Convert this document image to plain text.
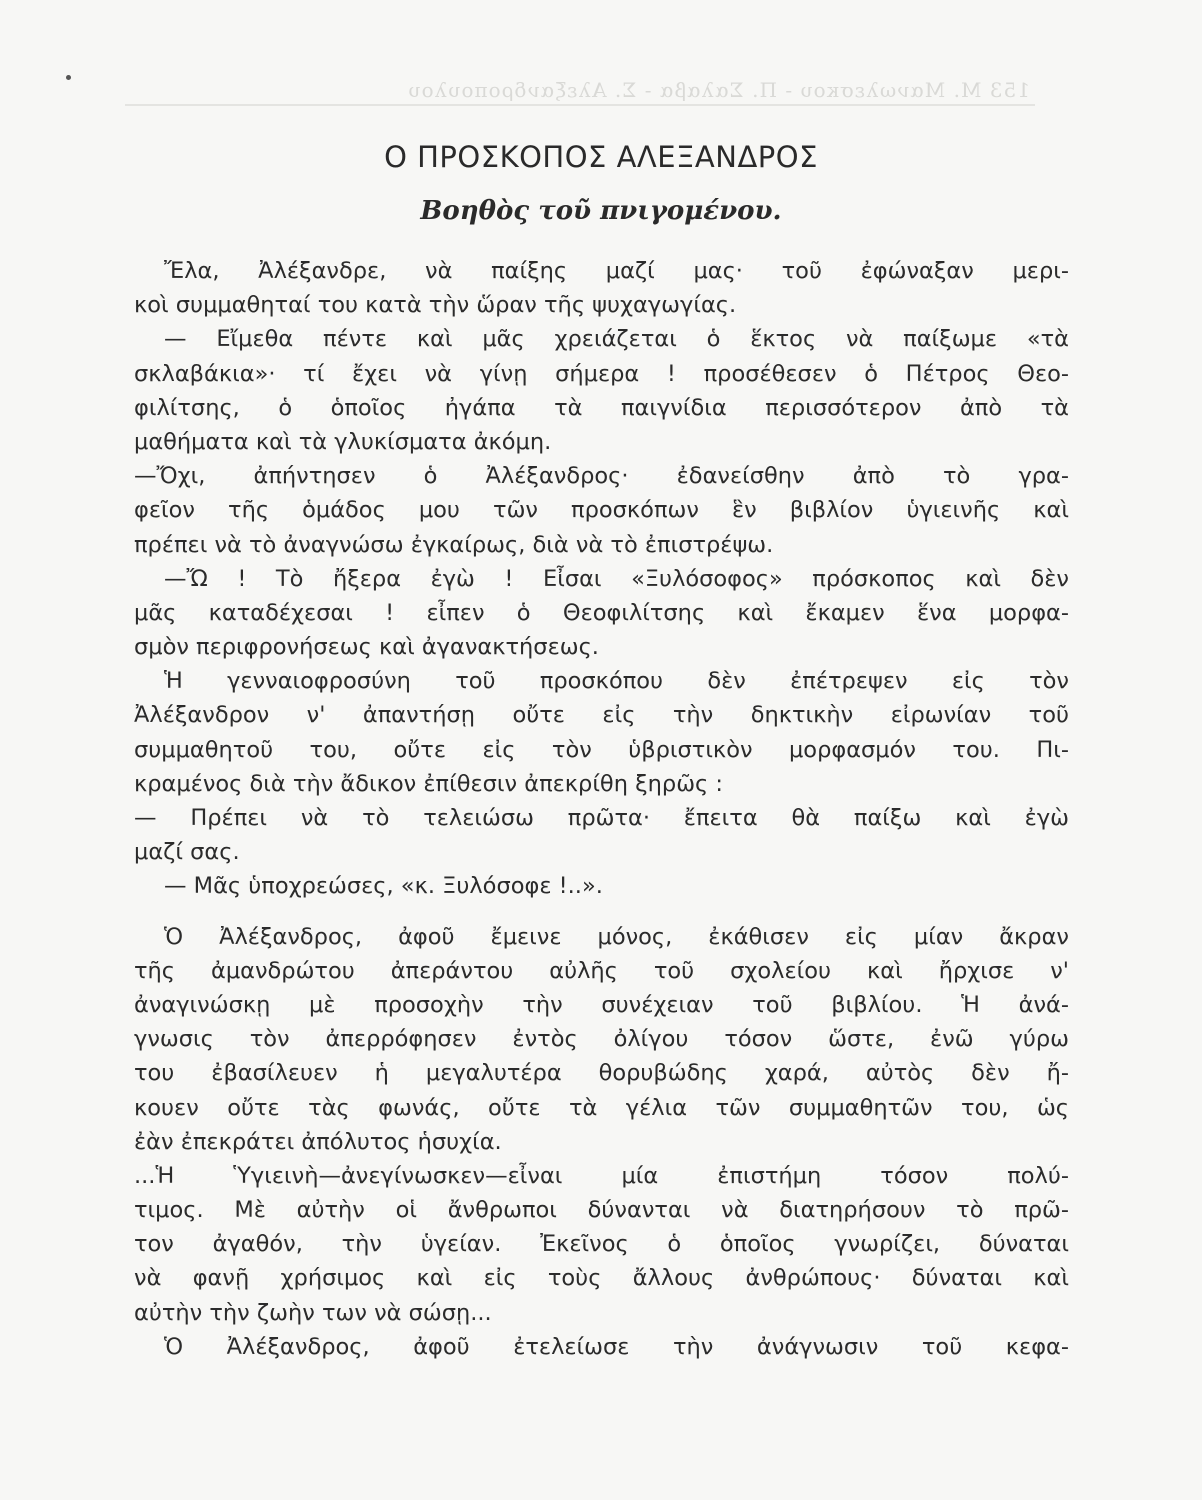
153 M. Μανωλεσκου - Π. Σαλαβα - Σ. Αλεξανδροπουλου
Ο ΠΡΟΣΚΟΠΟΣ ΑΛΕΞΑΝΔΡΟΣ
Βοηθὸς τοῦ πνιγομένου.
Ἔλα, Ἀλέξανδρε, νὰ παίξης μαζί μας· τοῦ ἐφώναξαν μερι-
κοὶ συμμαθηταί του κατὰ τὴν ὥραν τῆς ψυχαγωγίας.
— Εἴμεθα πέντε καὶ μᾶς χρειάζεται ὁ ἕκτος νὰ παίξωμε «τὰ
σκλαβάκια»· τί ἔχει νὰ γίνῃ σήμερα ! προσέθεσεν ὁ Πέτρος Θεο-
φιλίτσης, ὁ ὁποῖος ἠγάπα τὰ παιγνίδια περισσότερον ἀπὸ τὰ
μαθήματα καὶ τὰ γλυκίσματα ἀκόμη.
—Ὄχι, ἀπήντησεν ὁ Ἀλέξανδρος· ἐδανείσθην ἀπὸ τὸ γρα-
φεῖον τῆς ὁμάδος μου τῶν προσκόπων ἓν βιβλίον ὑγιεινῆς καὶ
πρέπει νὰ τὸ ἀναγνώσω ἐγκαίρως, διὰ νὰ τὸ ἐπιστρέψω.
—Ὤ ! Τὸ ἤξερα ἐγὼ ! Εἶσαι «Ξυλόσοφος» πρόσκοπος καὶ δὲν
μᾶς καταδέχεσαι ! εἶπεν ὁ Θεοφιλίτσης καὶ ἔκαμεν ἕνα μορφα-
σμὸν περιφρονήσεως καὶ ἀγανακτήσεως.
Ἡ γενναιοφροσύνη τοῦ προσκόπου δὲν ἐπέτρεψεν εἰς τὸν
Ἀλέξανδρον ν' ἀπαντήσῃ οὔτε εἰς τὴν δηκτικὴν εἰρωνίαν τοῦ
συμμαθητοῦ του, οὔτε εἰς τὸν ὑβριστικὸν μορφασμόν του. Πι-
κραμένος διὰ τὴν ἄδικον ἐπίθεσιν ἀπεκρίθη ξηρῶς :
— Πρέπει νὰ τὸ τελειώσω πρῶτα· ἔπειτα θὰ παίξω καὶ ἐγὼ
μαζί σας.
— Μᾶς ὑποχρεώσες, «κ. Ξυλόσοφε !..».
Ὁ Ἀλέξανδρος, ἀφοῦ ἔμεινε μόνος, ἐκάθισεν εἰς μίαν ἄκραν
τῆς ἀμανδρώτου ἀπεράντου αὐλῆς τοῦ σχολείου καὶ ἤρχισε ν'
ἀναγινώσκῃ μὲ προσοχὴν τὴν συνέχειαν τοῦ βιβλίου. Ἡ ἀνά-
γνωσις τὸν ἀπερρόφησεν ἐντὸς ὀλίγου τόσον ὥστε, ἐνῶ γύρω
του ἐβασίλευεν ἡ μεγαλυτέρα θορυβώδης χαρά, αὐτὸς δὲν ἤ-
κουεν οὔτε τὰς φωνάς, οὔτε τὰ γέλια τῶν συμμαθητῶν του, ὡς
ἐὰν ἐπεκράτει ἀπόλυτος ἡσυχία.
...Ἡ Ὑγιεινὴ—ἀνεγίνωσκεν—εἶναι μία ἐπιστήμη τόσον πολύ-
τιμος. Μὲ αὐτὴν οἱ ἄνθρωποι δύνανται νὰ διατηρήσουν τὸ πρῶ-
τον ἀγαθόν, τὴν ὑγείαν. Ἐκεῖνος ὁ ὁποῖος γνωρίζει, δύναται
νὰ φανῇ χρήσιμος καὶ εἰς τοὺς ἄλλους ἀνθρώπους· δύναται καὶ
αὐτὴν τὴν ζωὴν των νὰ σώσῃ...
Ὁ Ἀλέξανδρος, ἀφοῦ ἐτελείωσε τὴν ἀνάγνωσιν τοῦ κεφα-
